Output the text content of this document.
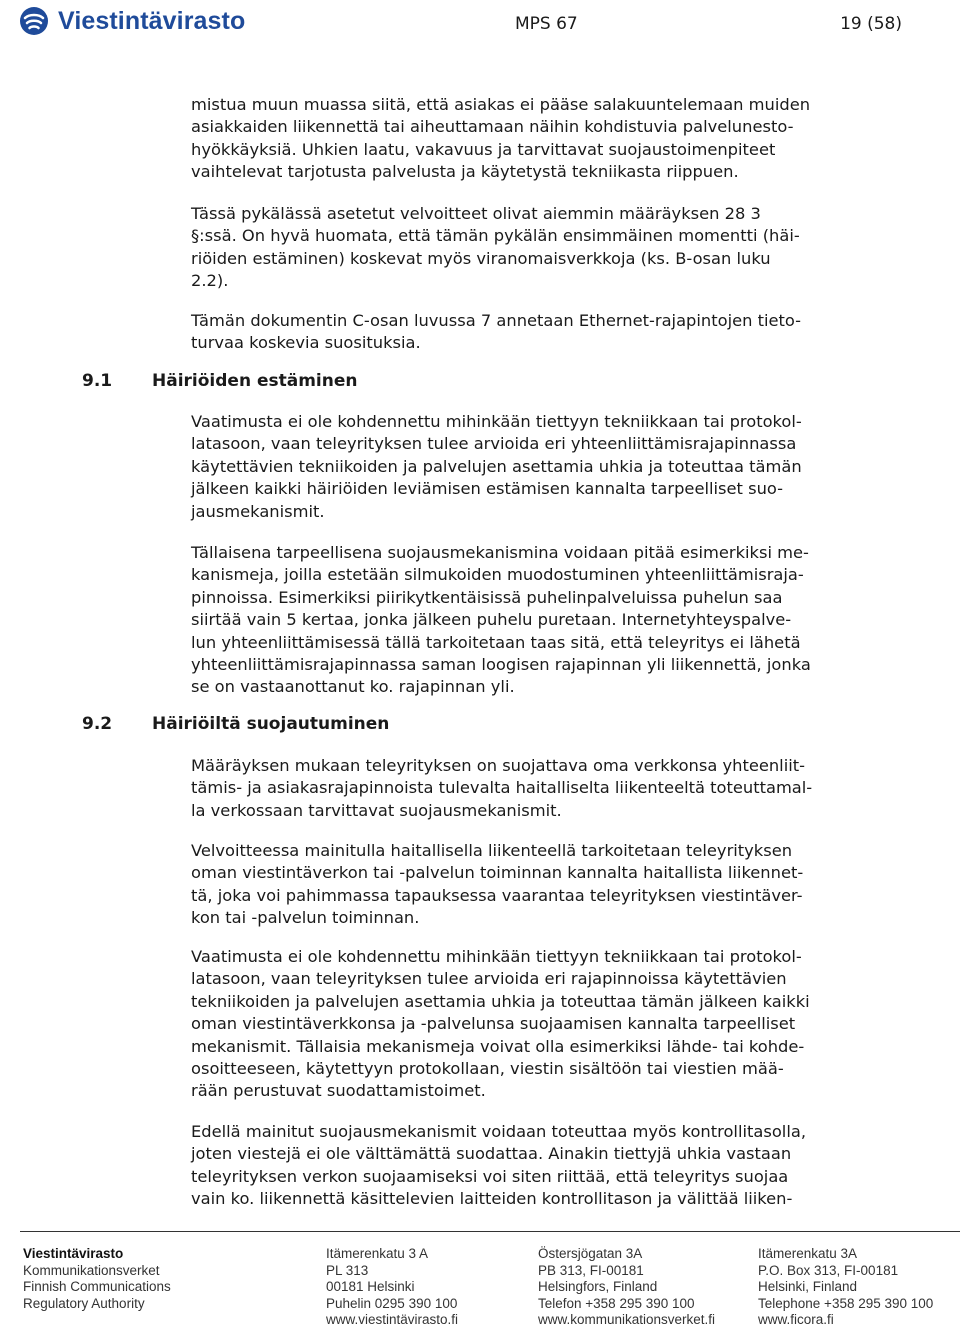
Viestintävirasto	MPS 67	19 (58)

mistua muun muassa siitä, että asiakas ei pääse salakuuntelemaan muiden
asiakkaiden liikennettä tai aiheuttamaan näihin kohdistuvia palvelunesto-
hyökkäyksiä. Uhkien laatu, vakavuus ja tarvittavat suojaustoimenpiteet
vaihtelevat tarjotusta palvelusta ja käytetystä tekniikasta riippuen.

Tässä pykälässä asetetut velvoitteet olivat aiemmin määräyksen 28 3
§:ssä. On hyvä huomata, että tämän pykälän ensimmäinen momentti (häi-
riöiden estäminen) koskevat myös viranomaisverkkoja (ks. B-osan luku
2.2).

Tämän dokumentin C-osan luvussa 7 annetaan Ethernet-rajapintojen tieto-
turvaa koskevia suosituksia.

9.1 Häiriöiden estäminen

Vaatimusta ei ole kohdennettu mihinkään tiettyyn tekniikkaan tai protokol-
latasoon, vaan teleyrityksen tulee arvioida eri yhteenliittämisrajapinnassa
käytettävien tekniikoiden ja palvelujen asettamia uhkia ja toteuttaa tämän
jälkeen kaikki häiriöiden leviämisen estämisen kannalta tarpeelliset suo-
jausmekanismit.

Tällaisena tarpeellisena suojausmekanismina voidaan pitää esimerkiksi me-
kanismeja, joilla estetään silmukoiden muodostuminen yhteenliittämisraja-
pinnoissa. Esimerkiksi piirikytkentäisissä puhelinpalveluissa puhelun saa
siirtää vain 5 kertaa, jonka jälkeen puhelu puretaan. Internetyhteyspalve-
lun yhteenliittämisessä tällä tarkoitetaan taas sitä, että teleyritys ei lähetä
yhteenliittämisrajapinnassa saman loogisen rajapinnan yli liikennettä, jonka
se on vastaanottanut ko. rajapinnan yli.

9.2 Häiriöiltä suojautuminen

Määräyksen mukaan teleyrityksen on suojattava oma verkkonsa yhteenliit-
tämis- ja asiakasrajapinnoista tulevalta haitalliselta liikenteeltä toteuttamal-
la verkossaan tarvittavat suojausmekanismit.

Velvoitteessa mainitulla haitallisella liikenteellä tarkoitetaan teleyrityksen
oman viestintäverkon tai -palvelun toiminnan kannalta haitallista liikennet-
tä, joka voi pahimmassa tapauksessa vaarantaa teleyrityksen viestintäver-
kon tai -palvelun toiminnan.

Vaatimusta ei ole kohdennettu mihinkään tiettyyn tekniikkaan tai protokol-
latasoon, vaan teleyrityksen tulee arvioida eri rajapinnoissa käytettävien
tekniikoiden ja palvelujen asettamia uhkia ja toteuttaa tämän jälkeen kaikki
oman viestintäverkkonsa ja -palvelunsa suojaamisen kannalta tarpeelliset
mekanismit. Tällaisia mekanismeja voivat olla esimerkiksi lähde- tai kohde-
osoitteeseen, käytettyyn protokollaan, viestin sisältöön tai viestien mää-
rään perustuvat suodattamistoimet.

Edellä mainitut suojausmekanismit voidaan toteuttaa myös kontrollitasolla,
joten viestejä ei ole välttämättä suodattaa. Ainakin tiettyjä uhkia vastaan
teleyrityksen verkon suojaamiseksi voi siten riittää, että teleyritys suojaa
vain ko. liikennettä käsittelevien laitteiden kontrollitason ja välittää liiken-

Viestintävirasto
Kommunikationsverket
Finnish Communications
Regulatory Authority
Itämerenkatu 3 A
PL 313
00181 Helsinki
Puhelin 0295 390 100
www.viestintävirasto.fi
Östersjögatan 3A
PB 313, FI-00181
Helsingfors, Finland
Telefon +358 295 390 100
www.kommunikationsverket.fi
Itämerenkatu 3A
P.O. Box 313, FI-00181
Helsinki, Finland
Telephone +358 295 390 100
www.ficora.fi
